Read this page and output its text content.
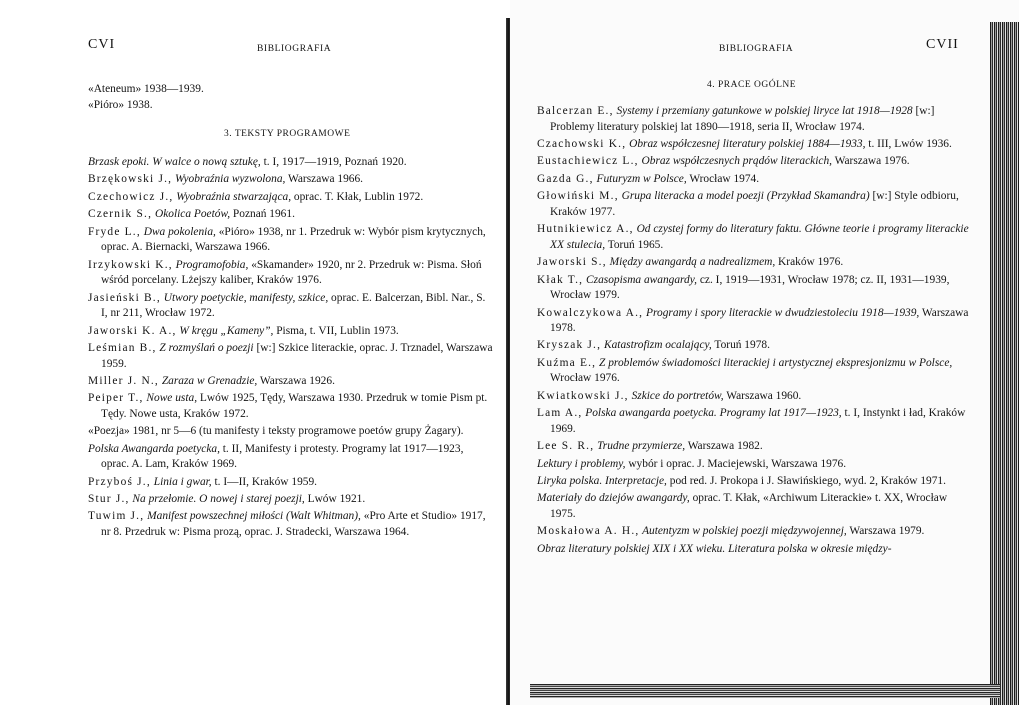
CVI	BIBLIOGRAFIA

«Ateneum» 1938—1939.

«Pióro» 1938.

3. TEKSTY PROGRAMOWE

Brzask epoki. W walce o nową sztukę, t. I, 1917—1919, Poznań 1920.

Brzękowski J., Wyobraźnia wyzwolona, Warszawa 1966.

Czechowicz J., Wyobraźnia stwarzająca, oprac. T. Kłak, Lublin 1972.

Czernik S., Okolica Poetów, Poznań 1961.

Fryde L., Dwa pokolenia, «Pióro» 1938, nr 1. Przedruk w: Wybór pism krytycznych, oprac. A. Biernacki, Warszawa 1966.

Irzykowski K., Programofobia, «Skamander» 1920, nr 2. Przedruk w: Pisma. Słoń wśród porcelany. Lżejszy kaliber, Kraków 1976.

Jasieński B., Utwory poetyckie, manifesty, szkice, oprac. E. Balcerzan, Bibl. Nar., S. I, nr 211, Wrocław 1972.

Jaworski K. A., W kręgu „Kameny”, Pisma, t. VII, Lublin 1973.

Leśmian B., Z rozmyślań o poezji [w:] Szkice literackie, oprac. J. Trznadel, Warszawa 1959.

Miller J. N., Zaraza w Grenadzie, Warszawa 1926.

Peiper T., Nowe usta, Lwów 1925, Tędy, Warszawa 1930. Przedruk w tomie Pism pt. Tędy. Nowe usta, Kraków 1972.

«Poezja» 1981, nr 5—6 (tu manifesty i teksty programowe poetów grupy Żagary).

Polska Awangarda poetycka, t. II, Manifesty i protesty. Programy lat 1917—1923, oprac. A. Lam, Kraków 1969.

Przyboś J., Linia i gwar, t. I—II, Kraków 1959.

Stur J., Na przełomie. O nowej i starej poezji, Lwów 1921.

Tuwim J., Manifest powszechnej miłości (Walt Whitman), «Pro Arte et Studio» 1917, nr 8. Przedruk w: Pisma prozą, oprac. J. Stradecki, Warszawa 1964.

BIBLIOGRAFIA	CVII
4. PRACE OGÓLNE

Balcerzan E., Systemy i przemiany gatunkowe w polskiej liryce lat 1918—1928 [w:] Problemy literatury polskiej lat 1890—1918, seria II, Wrocław 1974.

Czachowski K., Obraz współczesnej literatury polskiej 1884—1933, t. III, Lwów 1936.

Eustachiewicz L., Obraz współczesnych prądów literackich, Warszawa 1976.

Gazda G., Futuryzm w Polsce, Wrocław 1974.

Głowiński M., Grupa literacka a model poezji (Przykład Skamandra) [w:] Style odbioru, Kraków 1977.

Hutnikiewicz A., Od czystej formy do literatury faktu. Główne teorie i programy literackie XX stulecia, Toruń 1965.

Jaworski S., Między awangardą a nadrealizmem, Kraków 1976.

Kłak T., Czasopisma awangardy, cz. I, 1919—1931, Wrocław 1978; cz. II, 1931—1939, Wrocław 1979.

Kowalczykowa A., Programy i spory literackie w dwudziestoleciu 1918—1939, Warszawa 1978.

Kryszak J., Katastrofizm ocalający, Toruń 1978.

Kuźma E., Z problemów świadomości literackiej i artystycznej ekspresjonizmu w Polsce, Wrocław 1976.

Kwiatkowski J., Szkice do portretów, Warszawa 1960.

Lam A., Polska awangarda poetycka. Programy lat 1917—1923, t. I, Instynkt i ład, Kraków 1969.

Lee S. R., Trudne przymierze, Warszawa 1982.

Lektury i problemy, wybór i oprac. J. Maciejewski, Warszawa 1976.

Liryka polska. Interpretacje, pod red. J. Prokopa i J. Sławińskiego, wyd. 2, Kraków 1971.

Materiały do dziejów awangardy, oprac. T. Kłak, «Archiwum Literackie» t. XX, Wrocław 1975.

Moskałowa A. H., Autentyzm w polskiej poezji międzywojennej, Warszawa 1979.

Obraz literatury polskiej XIX i XX wieku. Literatura polska w okresie między-
